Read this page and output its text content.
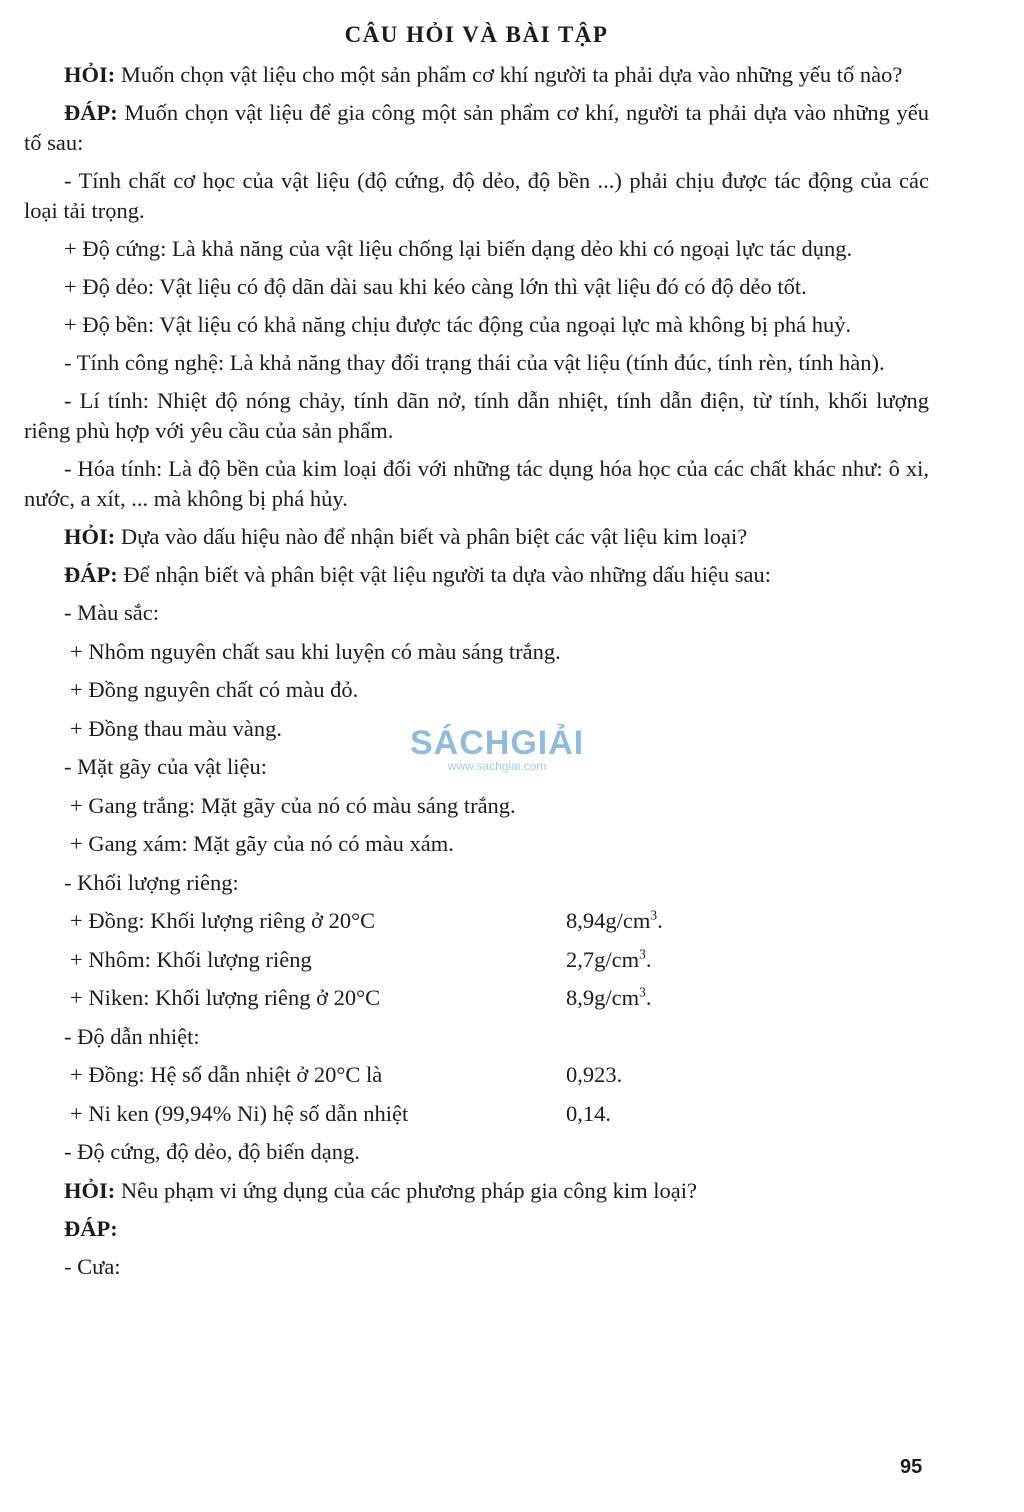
CÂU HỎI VÀ BÀI TẬP
HỎI: Muốn chọn vật liệu cho một sản phẩm cơ khí người ta phải dựa vào những yếu tố nào?
ĐÁP: Muốn chọn vật liệu để gia công một sản phẩm cơ khí, người ta phải dựa vào những yếu tố sau:
- Tính chất cơ học của vật liệu (độ cứng, độ dẻo, độ bền ...) phải chịu được tác động của các loại tải trọng.
+ Độ cứng: Là khả năng của vật liệu chống lại biến dạng dẻo khi có ngoại lực tác dụng.
+ Độ dẻo: Vật liệu có độ dãn dài sau khi kéo càng lớn thì vật liệu đó có độ dẻo tốt.
+ Độ bền: Vật liệu có khả năng chịu được tác động của ngoại lực mà không bị phá huỷ.
- Tính công nghệ: Là khả năng thay đổi trạng thái của vật liệu (tính đúc, tính rèn, tính hàn).
- Lí tính: Nhiệt độ nóng chảy, tính dãn nở, tính dẫn nhiệt, tính dẫn điện, từ tính, khối lượng riêng phù hợp với yêu cầu của sản phẩm.
- Hóa tính: Là độ bền của kim loại đối với những tác dụng hóa học của các chất khác như: ô xi, nước, a xít, ... mà không bị phá hủy.
HỎI: Dựa vào dấu hiệu nào để nhận biết và phân biệt các vật liệu kim loại?
ĐÁP: Để nhận biết và phân biệt vật liệu người ta dựa vào những dấu hiệu sau:
- Màu sắc:
+ Nhôm nguyên chất sau khi luyện có màu sáng trắng.
+ Đồng nguyên chất có màu đỏ.
+ Đồng thau màu vàng.
- Mặt gãy của vật liệu:
+ Gang trắng: Mặt gãy của nó có màu sáng trắng.
+ Gang xám: Mặt gãy của nó có màu xám.
- Khối lượng riêng:
+ Đồng: Khối lượng riêng ở 20°C	$8,94g/cm^3$.
+ Nhôm: Khối lượng riêng	$2,7g/cm^3$.
+ Niken: Khối lượng riêng ở 20°C	$8,9g/cm^3$.
- Độ dẫn nhiệt:
+ Đồng: Hệ số dẫn nhiệt ở 20°C là	0,923.
+ Ni ken (99,94% Ni) hệ số dẫn nhiệt	0,14.
- Độ cứng, độ dẻo, độ biến dạng.
HỎI: Nêu phạm vi ứng dụng của các phương pháp gia công kim loại?
ĐÁP:
- Cưa:
SÁCHGIẢI
www.sachgiai.com
95
